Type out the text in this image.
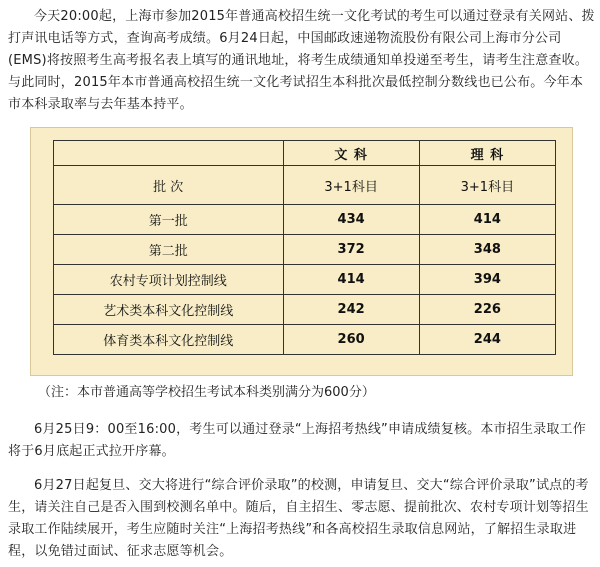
今天20:00起，上海市参加2015年普通高校招生统一文化考试的考生可以通过登录有关网站、拨打声讯电话等方式，查询高考成绩。6月24日起，中国邮政速递物流股份有限公司上海市分公司(EMS)将按照考生高考报名表上填写的通讯地址，将考生成绩通知单投递至考生，请考生注意查收。与此同时，2015年本市普通高校招生统一文化考试招生本科批次最低控制分数线也已公布。今年本市本科录取率与去年基本持平。

	文 科	理 科
批 次	3+1科目	3+1科目
第一批	434	414
第二批	372	348
农村专项计划控制线	414	394
艺术类本科文化控制线	242	226
体育类本科文化控制线	260	244

（注：本市普通高等学校招生考试本科类别满分为600分）

6月25日9：00至16:00，考生可以通过登录“上海招考热线”申请成绩复核。本市招生录取工作将于6月底起正式拉开序幕。

6月27日起复旦、交大将进行“综合评价录取”的校测，申请复旦、交大“综合评价录取”试点的考生，请关注自己是否入围到校测名单中。随后，自主招生、零志愿、提前批次、农村专项计划等招生录取工作陆续展开，考生应随时关注“上海招考热线”和各高校招生录取信息网站，了解招生录取进程，以免错过面试、征求志愿等机会。
